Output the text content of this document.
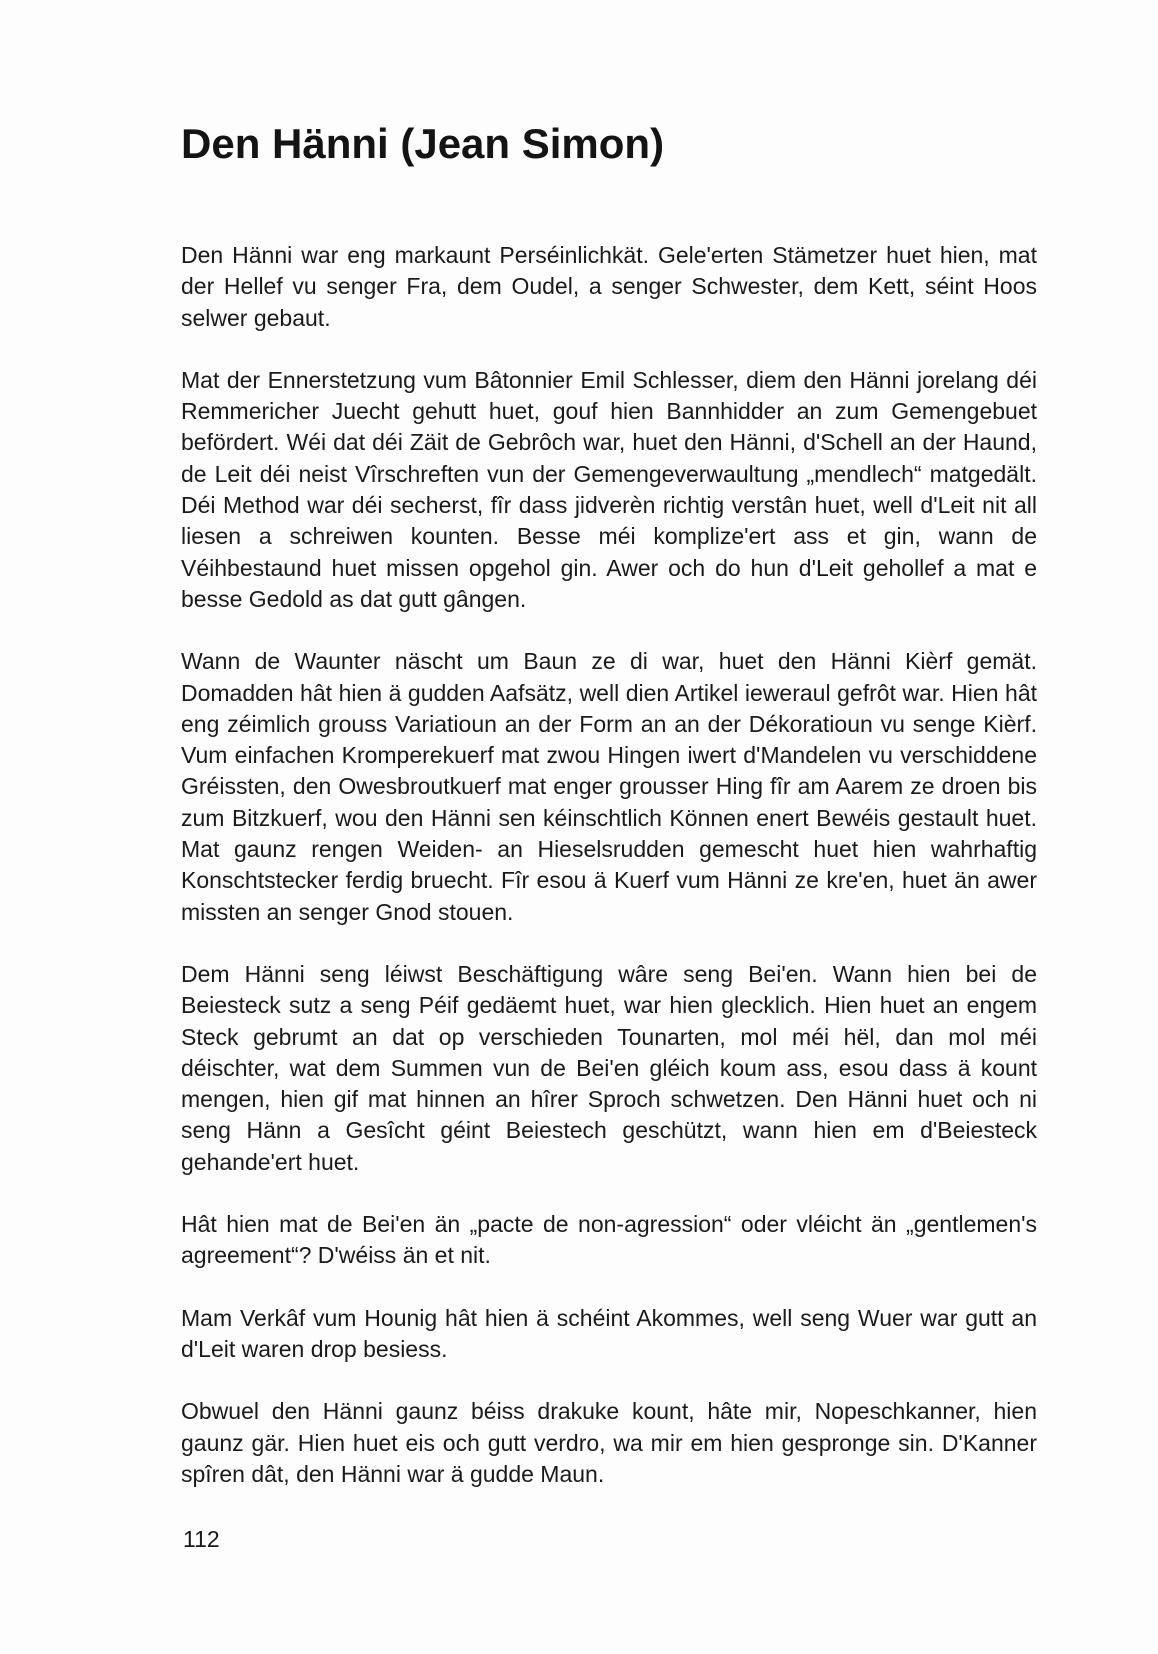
Den Hänni (Jean Simon)

Den Hänni war eng markaunt Perséinlichkät. Gele'erten Stämetzer huet hien, mat der Hellef vu senger Fra, dem Oudel, a senger Schwester, dem Kett, séint Hoos selwer gebaut.

Mat der Ennerstetzung vum Bâtonnier Emil Schlesser, diem den Hänni jorelang déi Remmericher Juecht gehutt huet, gouf hien Bannhidder an zum Gemengebuet befördert. Wéi dat déi Zäit de Gebrôch war, huet den Hänni, d'Schell an der Haund, de Leit déi neist Vîrschreften vun der Gemengeverwaultung „mendlech“ matgedält. Déi Method war déi secherst, fîr dass jidverèn richtig verstân huet, well d'Leit nit all liesen a schreiwen kounten. Besse méi komplize'ert ass et gin, wann de Véihbestaund huet missen opgehol gin. Awer och do hun d'Leit gehollef a mat e besse Gedold as dat gutt gângen.

Wann de Waunter näscht um Baun ze di war, huet den Hänni Kièrf gemät. Domadden hât hien ä gudden Aafsätz, well dien Artikel ieweraul gefrôt war. Hien hât eng zéimlich grouss Variatioun an der Form an an der Dékoratioun vu senge Kièrf. Vum einfachen Kromperekuerf mat zwou Hingen iwert d'Mandelen vu verschiddene Gréissten, den Owesbroutkuerf mat enger grousser Hing fîr am Aarem ze droen bis zum Bitzkuerf, wou den Hänni sen kéinschtlich Können enert Bewéis gestault huet. Mat gaunz rengen Weiden- an Hieselsrudden gemescht huet hien wahrhaftig Konschtstecker ferdig bruecht. Fîr esou ä Kuerf vum Hänni ze kre'en, huet än awer missten an senger Gnod stouen.

Dem Hänni seng léiwst Beschäftigung wâre seng Bei'en. Wann hien bei de Beiesteck sutz a seng Péif gedäemt huet, war hien glecklich. Hien huet an engem Steck gebrumt an dat op verschieden Tounarten, mol méi hël, dan mol méi déischter, wat dem Summen vun de Bei'en gléich koum ass, esou dass ä kount mengen, hien gif mat hinnen an hîrer Sproch schwetzen. Den Hänni huet och ni seng Hänn a Gesîcht géint Beiestech geschützt, wann hien em d'Beiesteck gehande'ert huet.

Hât hien mat de Bei'en än „pacte de non-agression“ oder vléicht än „gentlemen's agreement“? D'wéiss än et nit.

Mam Verkâf vum Hounig hât hien ä schéint Akommes, well seng Wuer war gutt an d'Leit waren drop besiess.

Obwuel den Hänni gaunz béiss drakuke kount, hâte mir, Nopeschkanner, hien gaunz gär. Hien huet eis och gutt verdro, wa mir em hien gespronge sin. D'Kanner spîren dât, den Hänni war ä gudde Maun.

112
